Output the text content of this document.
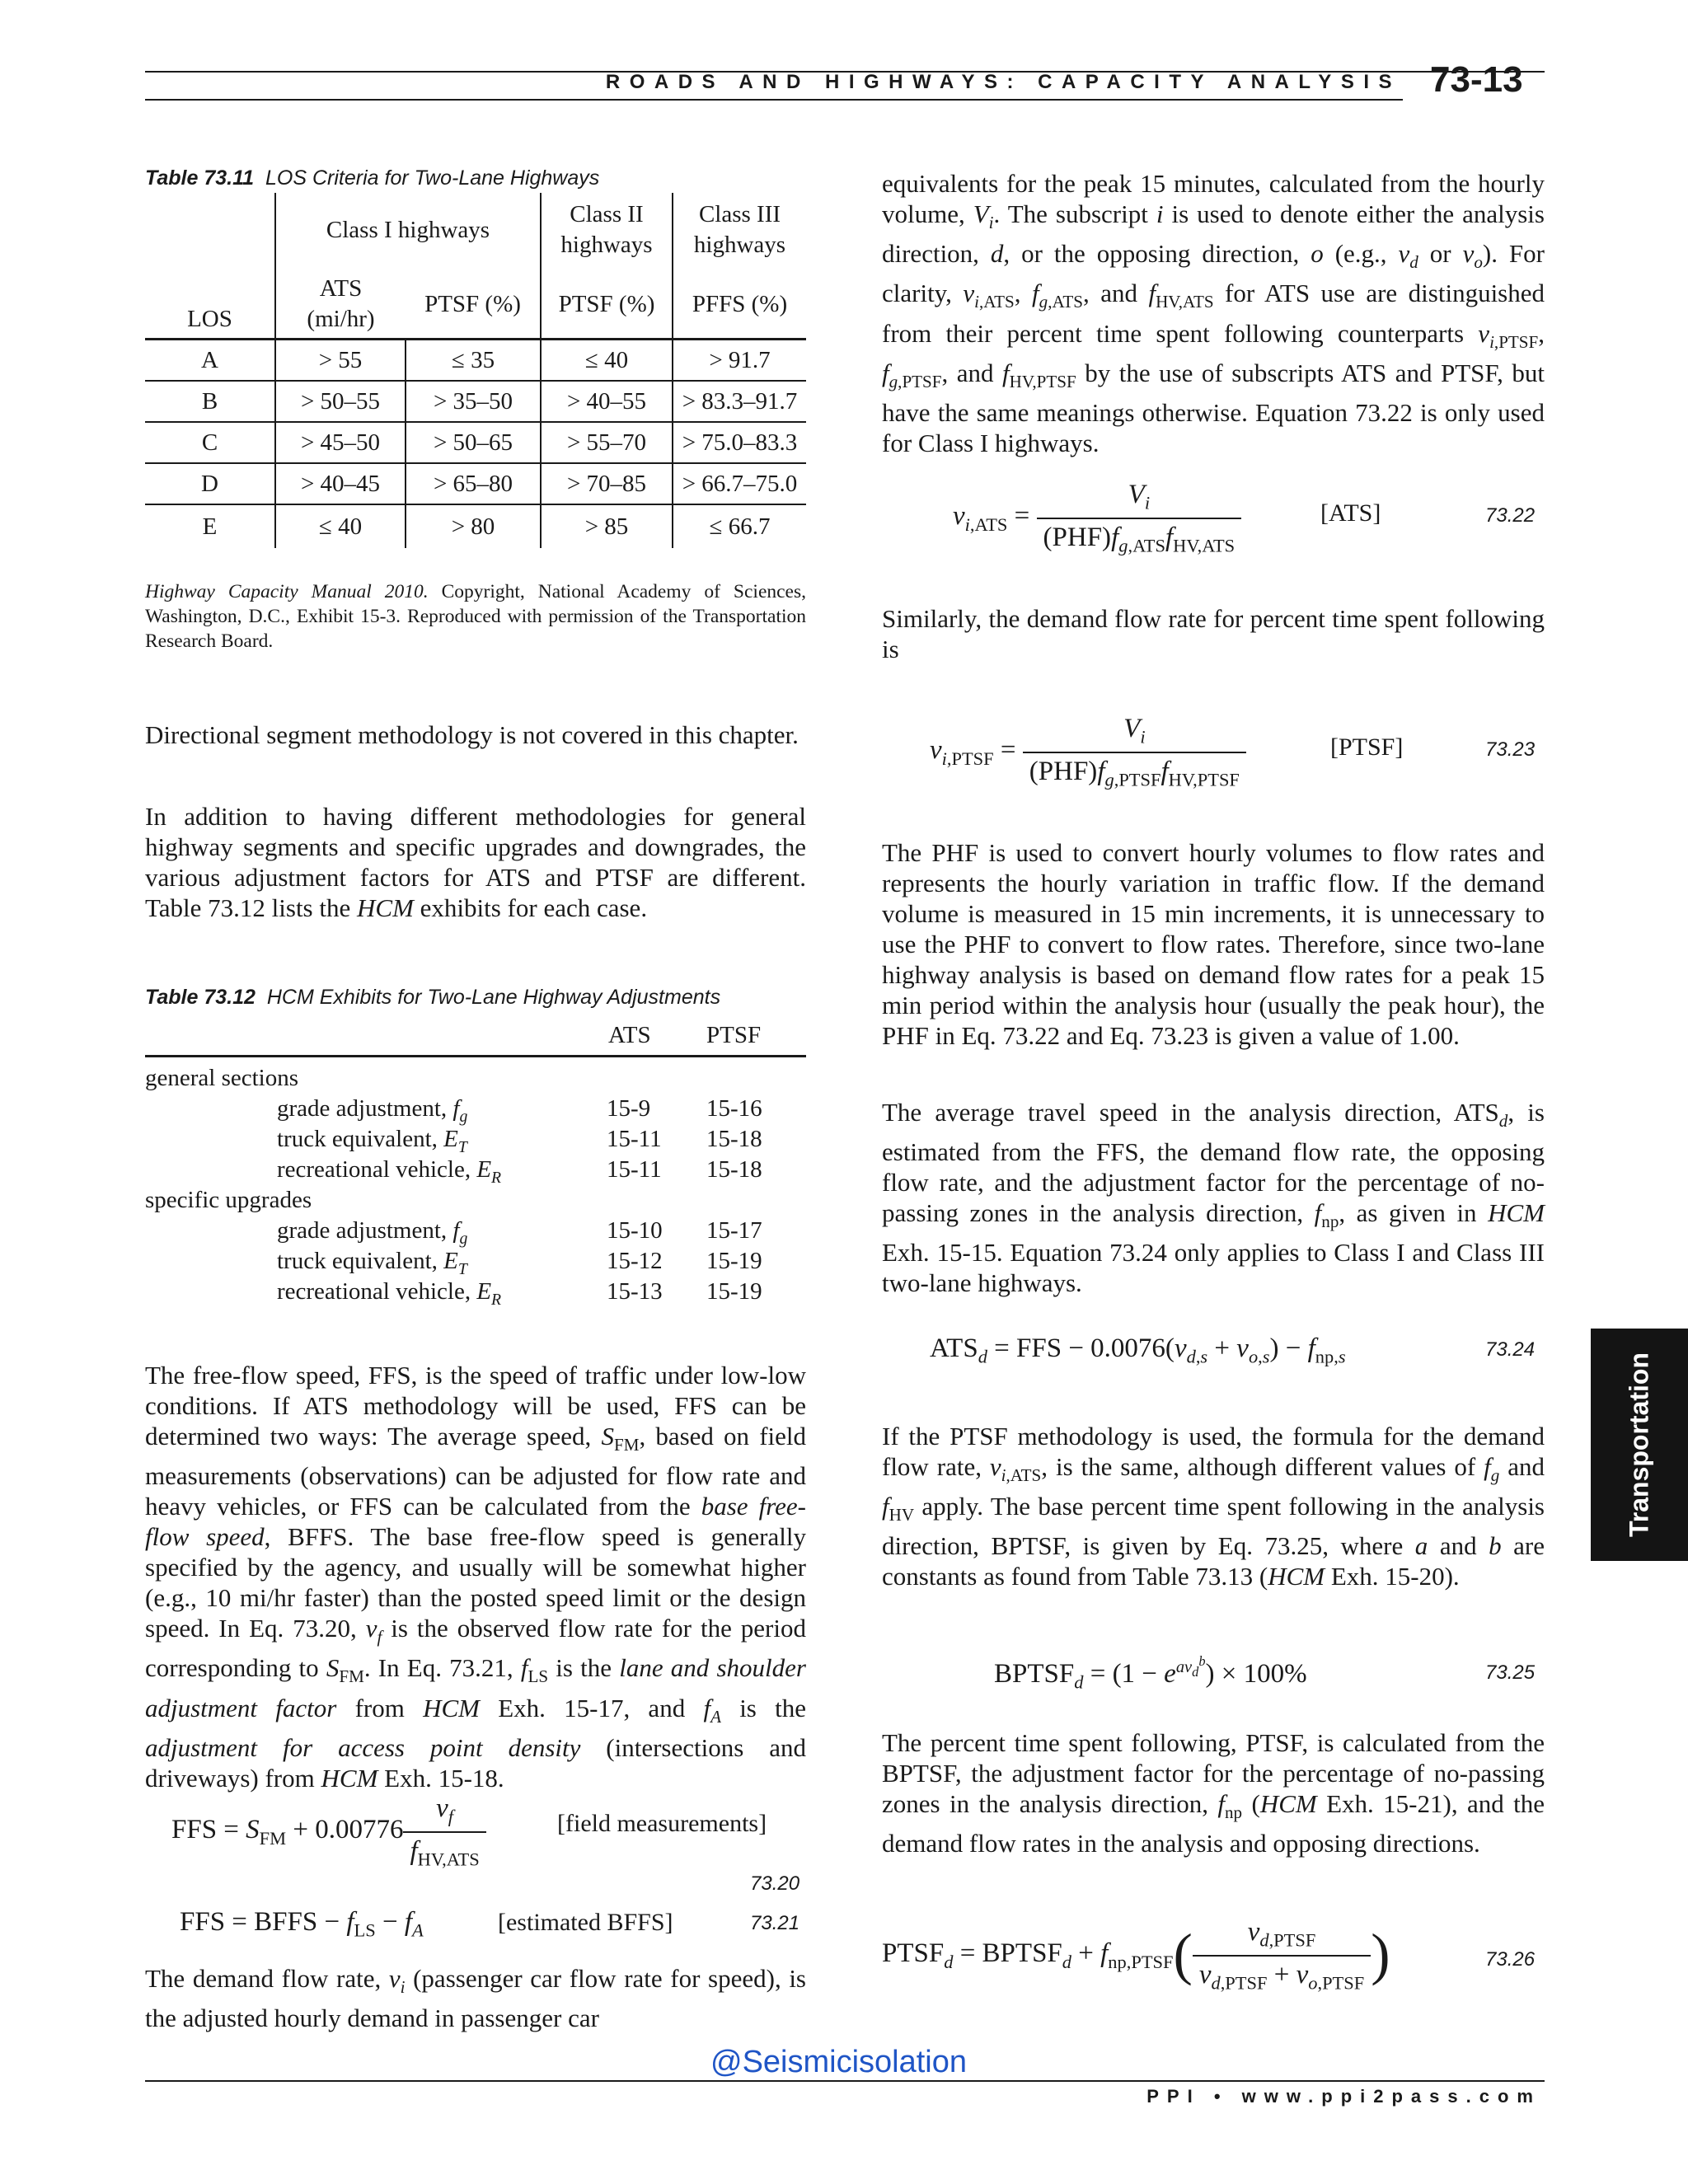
ROADS AND HIGHWAYS: CAPACITY ANALYSIS 73-13
Table 73.11 LOS Criteria for Two-Lane Highways
	Class I highways		Class II highways	Class III highways
LOS	ATS (mi/hr)	PTSF (%)	PTSF (%)	PFFS (%)
A	> 55	≤ 35	≤ 40	> 91.7
B	> 50–55	> 35–50	> 40–55	> 83.3–91.7
C	> 45–50	> 50–65	> 55–70	> 75.0–83.3
D	> 40–45	> 65–80	> 70–85	> 66.7–75.0
E	≤ 40	> 80	> 85	≤ 66.7
Highway Capacity Manual 2010. Copyright, National Academy of Sciences, Washington, D.C., Exhibit 15-3. Reproduced with permission of the Transportation Research Board.
Directional segment methodology is not covered in this chapter.
In addition to having different methodologies for general highway segments and specific upgrades and downgrades, the various adjustment factors for ATS and PTSF are different. Table 73.12 lists the HCM exhibits for each case.
Table 73.12 HCM Exhibits for Two-Lane Highway Adjustments
ATS PTSF
general sections
grade adjustment, $f_g$	15-9 15-16
truck equivalent, $E_T$	15-11 15-18
recreational vehicle, $E_R$	15-11 15-18
specific upgrades
grade adjustment, $f_g$	15-10 15-17
truck equivalent, $E_T$	15-12 15-19
recreational vehicle, $E_R$	15-13 15-19
The free-flow speed, FFS, is the speed of traffic under low-low conditions. If ATS methodology will be used, FFS can be determined two ways: The average speed, $S_{FM}$, based on field measurements (observations) can be adjusted for flow rate and heavy vehicles, or FFS can be calculated from the base free-flow speed, BFFS. The base free-flow speed is generally specified by the agency, and usually will be somewhat higher (e.g., 10 mi/hr faster) than the posted speed limit or the design speed. In Eq. 73.20, $v_f$ is the observed flow rate for the period corresponding to $S_{FM}$. In Eq. 73.21, $f_{LS}$ is the lane and shoulder adjustment factor from HCM Exh. 15-17, and $f_A$ is the adjustment for access point density (intersections and driveways) from HCM Exh. 15-18.
FFS = $S_{FM} + 0.00776 \frac{v_f}{f_{HV,ATS}}$	[field measurements]
73.20
FFS = BFFS − $f_{LS} - f_A$	[estimated BFFS]	73.21
The demand flow rate, $v_i$ (passenger car flow rate for speed), is the adjusted hourly demand in passenger car
equivalents for the peak 15 minutes, calculated from the hourly volume, $V_i$. The subscript i is used to denote either the analysis direction, d, or the opposing direction, o (e.g., $v_d$ or $v_o$). For clarity, $v_{i,ATS}$, $f_{g,ATS}$, and $f_{HV,ATS}$ for ATS use are distinguished from their percent time spent following counterparts $v_{i,PTSF}$, $f_{g,PTSF}$, and $f_{HV,PTSF}$ by the use of subscripts ATS and PTSF, but have the same meanings otherwise. Equation 73.22 is only used for Class I highways.
$v_{i,ATS} = \frac{V_i}{(PHF)f_{g,ATS}f_{HV,ATS}}$	[ATS]	73.22
Similarly, the demand flow rate for percent time spent following is
$v_{i,PTSF} = \frac{V_i}{(PHF)f_{g,PTSF}f_{HV,PTSF}}$	[PTSF]	73.23
The PHF is used to convert hourly volumes to flow rates and represents the hourly variation in traffic flow. If the demand volume is measured in 15 min increments, it is unnecessary to use the PHF to convert to flow rates. Therefore, since two-lane highway analysis is based on demand flow rates for a peak 15 min period within the analysis hour (usually the peak hour), the PHF in Eq. 73.22 and Eq. 73.23 is given a value of 1.00.
The average travel speed in the analysis direction, $ATS_d$, is estimated from the FFS, the demand flow rate, the opposing flow rate, and the adjustment factor for the percentage of no-passing zones in the analysis direction, $f_{np}$, as given in HCM Exh. 15-15. Equation 73.24 only applies to Class I and Class III two-lane highways.
$ATS_d$ = FFS − $0.0076(v_{d,s} + v_{o,s}) - f_{np,s}$	73.24
If the PTSF methodology is used, the formula for the demand flow rate, $v_{i,ATS}$, is the same, although different values of $f_g$ and $f_{HV}$ apply. The base percent time spent following in the analysis direction, BPTSF, is given by Eq. 73.25, where a and b are constants as found from Table 73.13 (HCM Exh. 15-20).
$BPTSF_d = (1 - e^{av_d^b}) \times 100\%$	73.25
The percent time spent following, PTSF, is calculated from the BPTSF, the adjustment factor for the percentage of no-passing zones in the analysis direction, $f_{np}$ (HCM Exh. 15-21), and the demand flow rates in the analysis and opposing directions.
$PTSF_d$ = $BPTSF_d + f_{np,PTSF}( \frac{v_{d,PTSF}}{v_{d,PTSF} + v_{o,PTSF}}$ )	73.26
Transportation
@Seismicisolation
PPI • www.ppi2pass.com
